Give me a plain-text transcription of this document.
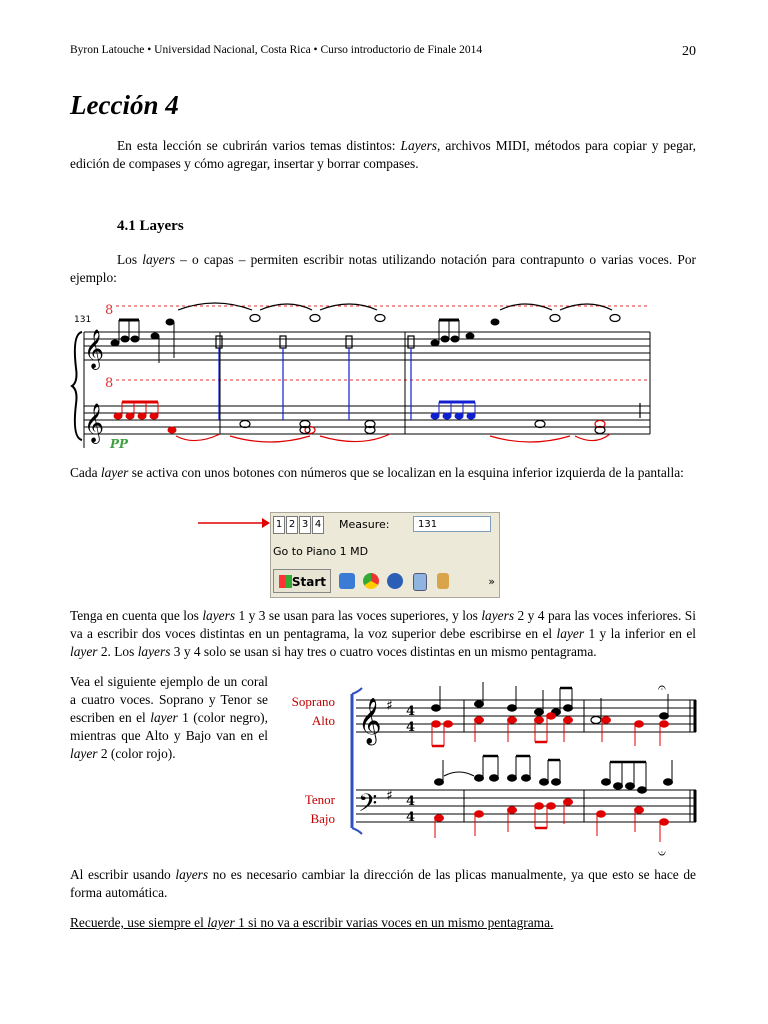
Byron Latouche • Universidad Nacional, Costa Rica • Curso introductorio de Finale 2014	20
Lección 4
En esta lección se cubrirán varios temas distintos: Layers, archivos MIDI, métodos para copiar y pegar, edición de compases y cómo agregar, insertar y borrar compases.
4.1 Layers
Los layers – o capas – permiten escribir notas utilizando notación para contrapunto o varias voces. Por ejemplo:
8
8
131
𝄞
𝄞
PP
Cada layer se activa con unos botones con números que se localizan en la esquina inferior izquierda de la pantalla:
1 2 3 4	Measure:	131
Go to Piano 1 MD
Start	»
Tenga en cuenta que los layers 1 y 3 se usan para las voces superiores, y los layers 2 y 4 para las voces inferiores. Si va a escribir dos voces distintas en un pentagrama, la voz superior debe escribirse en el layer 1 y la inferior en el layer 2. Los layers 3 y 4 solo se usan si hay tres o cuatro voces distintas en un mismo pentagrama.
Vea el siguiente ejemplo de un coral a cuatro voces. Soprano y Tenor se escriben en el layer 1 (color negro), mientras que Alto y Bajo van en el layer 2 (color rojo).
Soprano
Alto
Tenor
Bajo
𝄞
𝄢
♯
♯
4
4
4
4
𝄐
𝄑
Al escribir usando layers no es necesario cambiar la dirección de las plicas manualmente, ya que esto se hace de forma automática.
Recuerde, use siempre el layer 1 si no va a escribir varias voces en un mismo pentagrama.
